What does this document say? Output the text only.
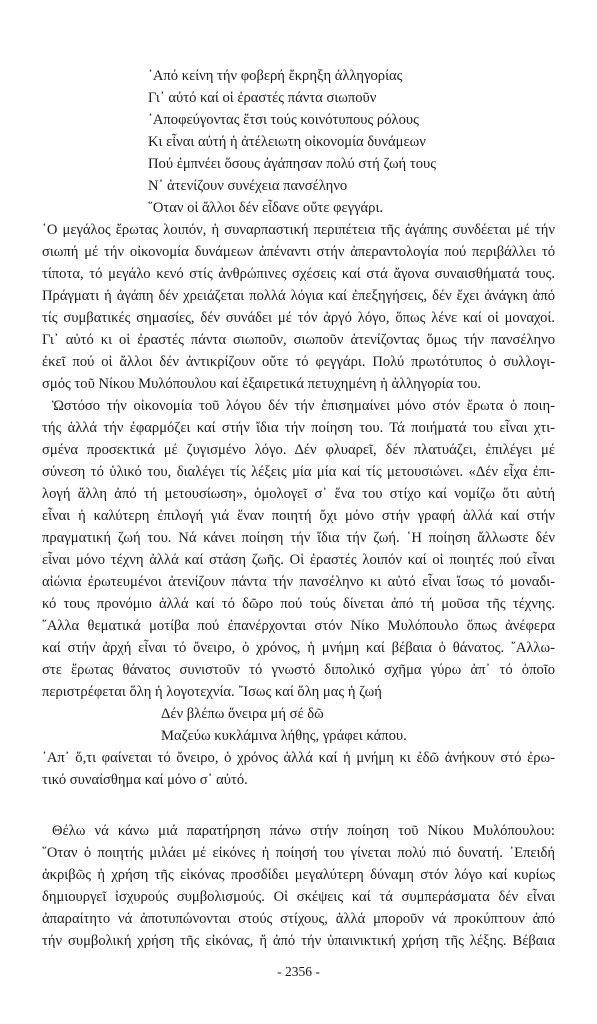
᾿Από κείνη τήν φοβερή ἔκρηξη ἀλληγορίας
Γι᾿ αὐτό καί οἱ ἐραστές πάντα σιωποῦν
᾿Αποφεύγοντας ἔτσι τούς κοινότυπους ρόλους
Κι εἶναι αὐτή ἡ ἀτέλειωτη οἰκονομία δυνάμεων
Πού ἐμπνέει ὅσους ἀγάπησαν πολύ στή ζωή τους
Ν᾿ ἀτενίζουν συνέχεια πανσέληνο
῞Οταν οἱ ἄλλοι δέν εἶδανε οὔτε φεγγάρι.
῾Ο μεγάλος ἔρωτας λοιπόν, ἡ συναρπαστική περιπέτεια τῆς ἀγάπης συνδέεται μέ τήν
σιωπή μέ τήν οἰκονομία δυνάμεων ἀπέναντι στήν ἀπεραντολογία πού περιβάλλει τό
τίποτα, τό μεγάλο κενό στίς ἀνθρώπινες σχέσεις καί στά ἄγονα συναισθήματά τους.
Πράγματι ἡ ἀγάπη δέν χρειάζεται πολλά λόγια καί ἐπεξηγήσεις, δέν ἔχει ἀνάγκη ἀπό
τίς συμβατικές σημασίες, δέν συνάδει μέ τόν ἀργό λόγο, ὅπως λένε καί οἱ μοναχοί.
Γι᾿ αὐτό κι οἱ ἐραστές πάντα σιωποῦν, σιωποῦν ἀτενίζοντας ὅμως τήν πανσέληνο
ἐκεῖ πού οἱ ἄλλοι δέν ἀντικρίζουν οὔτε τό φεγγάρι. Πολύ πρωτότυπος ὁ συλλογι-
σμός τοῦ Νίκου Μυλόπουλου καί ἐξαιρετικά πετυχημένη ἡ ἀλληγορία του.
Ὡστόσο τήν οἰκονομία τοῦ λόγου δέν τήν ἐπισημαίνει μόνο στόν ἔρωτα ὁ ποιη-
τής ἀλλά τήν ἐφαρμόζει καί στήν ἴδια τήν ποίηση του. Τά ποιήματά του εἶναι χτι-
σμένα προσεκτικά μέ ζυγισμένο λόγο. Δέν φλυαρεῖ, δέν πλατυάζει, ἐπιλέγει μέ
σύνεση τό ὑλικό του, διαλέγει τίς λέξεις μία μία καί τίς μετουσιώνει. «Δέν εἶχα ἐπι-
λογή ἄλλη ἀπό τή μετουσίωση», ὁμολογεῖ σ᾿ ἕνα του στίχο καί νομίζω ὅτι αὐτή
εἶναι ἡ καλύτερη ἐπιλογή γιά ἕναν ποιητή ὄχι μόνο στήν γραφή ἀλλά καί στήν
πραγματική ζωή του. Νά κάνει ποίηση τήν ἴδια τήν ζωή. ῾Η ποίηση ἄλλωστε δέν
εἶναι μόνο τέχνη ἀλλά καί στάση ζωῆς. Οἱ ἐραστές λοιπόν καί οἱ ποιητές πού εἶναι
αἰώνια ἐρωτευμένοι ἀτενίζουν πάντα τήν πανσέληνο κι αὐτό εἶναι ἴσως τό μοναδι-
κό τους προνόμιο ἀλλά καί τό δῶρο πού τούς δίνεται ἀπό τή μοῦσα τῆς τέχνης.
῎Αλλα θεματικά μοτίβα πού ἐπανέρχονται στόν Νίκο Μυλόπουλο ὅπως ἀνέφερα
καί στήν ἀρχή εἶναι τό ὄνειρο, ὁ χρόνος, ἡ μνήμη καί βέβαια ὁ θάνατος. ῎Αλλω-
στε ἔρωτας θάνατος συνιστοῦν τό γνωστό διπολικό σχῆμα γύρω ἀπ᾿ τό ὁποῖο
περιστρέφεται ὅλη ἡ λογοτεχνία. ῎Ισως καί ὅλη μας ἡ ζωή
Δέν βλέπω ὄνειρα μή σέ δῶ
Μαζεύω κυκλάμινα λήθης, γράφει κάπου.
᾿Απ᾿ ὅ,τι φαίνεται τό ὄνειρο, ὁ χρόνος ἀλλά καί ἡ μνήμη κι ἐδῶ ἀνήκουν στό ἐρω-
τικό συναίσθημα καί μόνο σ᾿ αὐτό.
Θέλω νά κάνω μιά παρατήρηση πάνω στήν ποίηση τοῦ Νίκου Μυλόπουλου:
῞Οταν ὁ ποιητής μιλάει μέ εἰκόνες ἡ ποίησή του γίνεται πολύ πιό δυνατή. ᾿Επειδή
ἀκριβῶς ἡ χρήση τῆς εἰκόνας προσδίδει μεγαλύτερη δύναμη στόν λόγο καί κυρίως
δημιουργεῖ ἰσχυρούς συμβολισμούς. Οἱ σκέψεις καί τά συμπεράσματα δέν εἶναι
ἀπαραίτητο νά ἀποτυπώνονται στούς στίχους, ἀλλά μποροῦν νά προκύπτουν ἀπό
τήν συμβολική χρήση τῆς εἰκόνας, ἤ ἀπό τήν ὑπαινικτική χρήση τῆς λέξης. Βέβαια
- 2356 -
